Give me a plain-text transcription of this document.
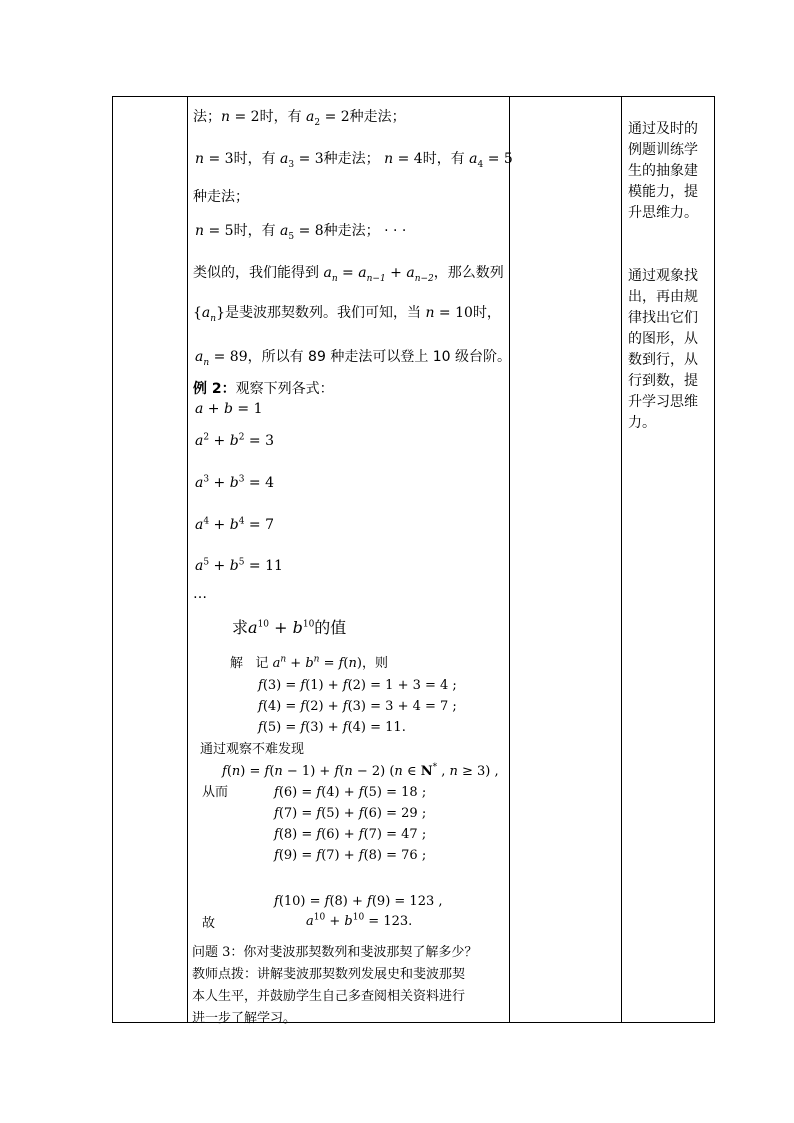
法；n = 2时，有 $a_2 = 2$种走法；
n = 3时，有 $a_3 = 3$种走法； n = 4时，有 $a_4 = 5$
种走法；
n = 5时，有 $a_5 = 8$种走法； · · ·
类似的，我们能得到 $a_n = a_{n-1} + a_{n-2}$，那么数列
$\{a_n\}$是斐波那契数列。我们可知，当 n = 10时，
$a_n = 89$，所以有 89 种走法可以登上 10 级台阶。
例 2：观察下列各式：
a + b = 1
$a^2 + b^2 = 3$
$a^3 + b^3 = 4$
$a^4 + b^4 = 7$
$a^5 + b^5 = 11$
…
求$a^{10} + b^{10}$的值
解 记 $a^n + b^n = f(n)$，则
f(3) = f(1) + f(2) = 1 + 3 = 4 ;
f(4) = f(2) + f(3) = 3 + 4 = 7 ;
f(5) = f(3) + f(4) = 11.
通过观察不难发现
f(n) = f(n − 1) + f(n − 2) (n ∈ N* , n ≥ 3) ,
从而	f(6) = f(4) + f(5) = 18 ;
f(7) = f(5) + f(6) = 29 ;
f(8) = f(6) + f(7) = 47 ;
f(9) = f(7) + f(8) = 76 ;
f(10) = f(8) + f(9) = 123 ,
故	$a^{10} + b^{10} = 123$.
问题 3：你对斐波那契数列和斐波那契了解多少？
教师点拨：讲解斐波那契数列发展史和斐波那契
本人生平，并鼓励学生自己多查阅相关资料进行
进一步了解学习。
通过及时的
例题训练学
生的抽象建
模能力，提
升思维力。
通过观象找
出，再由规
律找出它们
的图形，从
数到行，从
行到数，提
升学习思维
力。
